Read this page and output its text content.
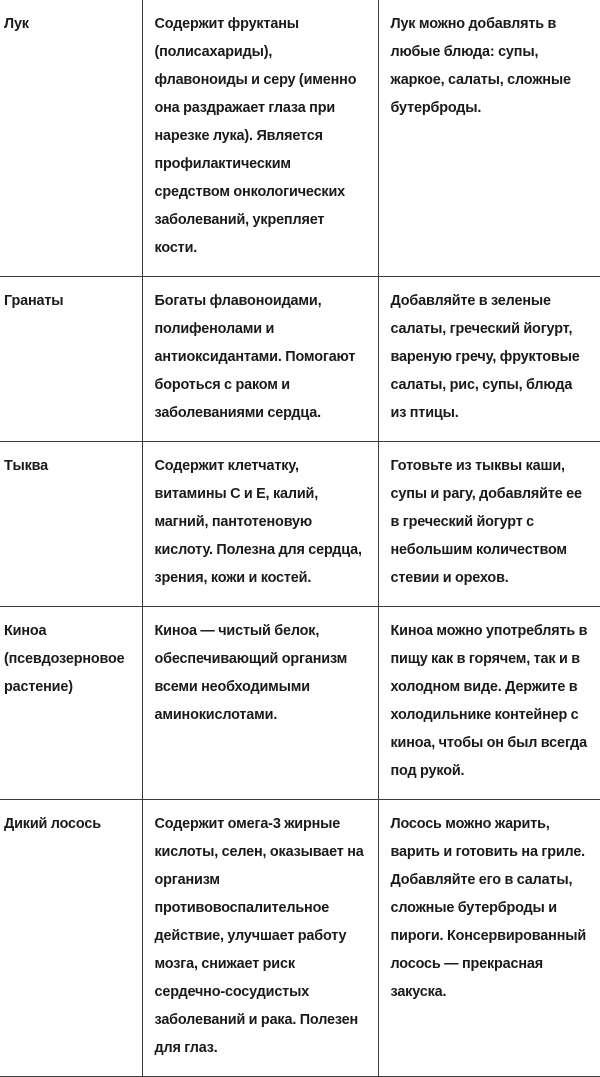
Лук	Содержит фруктаны (полисахариды), флавоноиды и серу (именно она раздражает глаза при нарезке лука). Является профилактическим средством онкологических заболеваний, укрепляет кости.	Лук можно добавлять в любые блюда: супы, жаркое, салаты, сложные бутерброды.

Гранаты	Богаты флавоноидами, полифенолами и антиоксидантами. Помогают бороться с раком и заболеваниями сердца.	Добавляйте в зеленые салаты, греческий йогурт, вареную гречу, фруктовые салаты, рис, супы, блюда из птицы.

Тыква	Содержит клетчатку, витамины C и E, калий, магний, пантотеновую кислоту. Полезна для сердца, зрения, кожи и костей.	Готовьте из тыквы каши, супы и рагу, добавляйте ее в греческий йогурт с небольшим количеством стевии и орехов.

Киноа (псевдозерновое растение)	Киноа — чистый белок, обеспечивающий организм всеми необходимыми аминокислотами.	Киноа можно употреблять в пищу как в горячем, так и в холодном виде. Держите в холодильнике контейнер с киноа, чтобы он был всегда под рукой.

Дикий лосось	Содержит омега-3 жирные кислоты, селен, оказывает на организм противовоспалительное действие, улучшает работу мозга, снижает риск сердечно-сосудистых заболеваний и рака. Полезен для глаз.	Лосось можно жарить, варить и готовить на гриле. Добавляйте его в салаты, сложные бутерброды и пироги. Консервированный лосось — прекрасная закуска.
